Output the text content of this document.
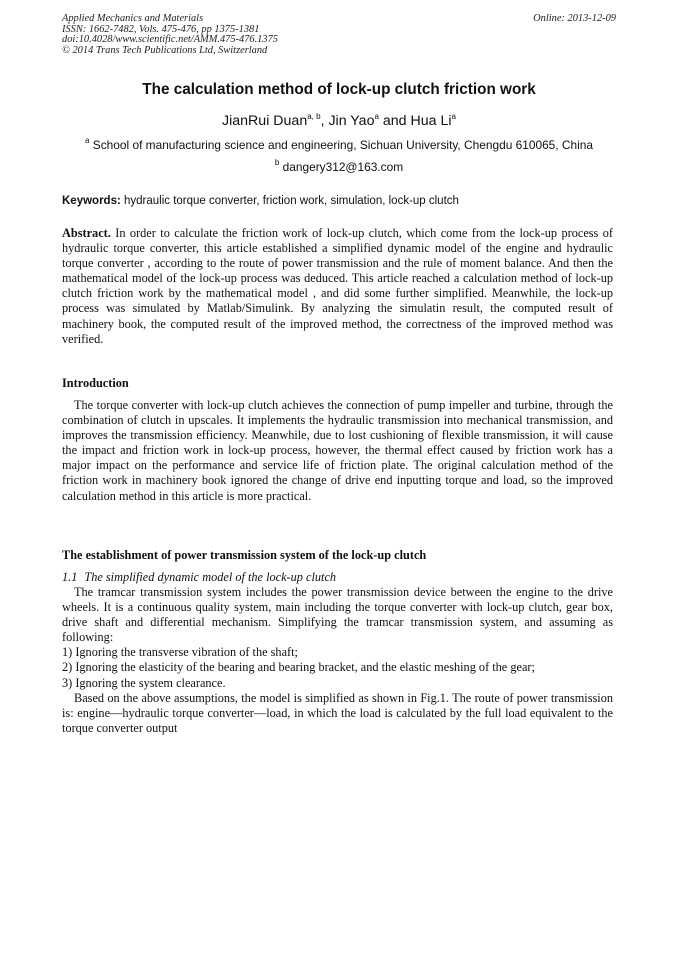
Applied Mechanics and Materials
ISSN: 1662-7482, Vols. 475-476, pp 1375-1381
doi:10.4028/www.scientific.net/AMM.475-476.1375
© 2014 Trans Tech Publications Ltd, Switzerland
Online: 2013-12-09
The calculation method of lock-up clutch friction work
JianRui Duan$^{a, b}$, Jin Yao$^a$ and Hua Li$^a$
$^a$ School of manufacturing science and engineering, Sichuan University, Chengdu 610065, China
$^b$ dangery312@163.com
Keywords: hydraulic torque converter, friction work, simulation, lock-up clutch
Abstract. In order to calculate the friction work of lock-up clutch, which come from the lock-up process of hydraulic torque converter, this article established a simplified dynamic model of the engine and hydraulic torque converter , according to the route of power transmission and the rule of moment balance. And then the mathematical model of the lock-up process was deduced. This article reached a calculation method of lock-up clutch friction work by the mathematical model , and did some further simplified. Meanwhile, the lock-up process was simulated by Matlab/Simulink. By analyzing the simulatin result, the computed result of machinery book, the computed result of the improved method, the correctness of the improved method was verified.
Introduction
The torque converter with lock-up clutch achieves the connection of pump impeller and turbine, through the combination of clutch in upscales. It implements the hydraulic transmission into mechanical transmission, and improves the transmission efficiency. Meanwhile, due to lost cushioning of flexible transmission, it will cause the impact and friction work in lock-up process, however, the thermal effect caused by friction work has a major impact on the performance and service life of friction plate. The original calculation method of the friction work in machinery book ignored the change of drive end inputting torque and load, so the improved calculation method in this article is more practical.
The establishment of power transmission system of the lock-up clutch
1.1 The simplified dynamic model of the lock-up clutch
The tramcar transmission system includes the power transmission device between the engine to the drive wheels. It is a continuous quality system, main including the torque converter with lock-up clutch, gear box, drive shaft and differential mechanism. Simplifying the tramcar transmission system, and assuming as following:
1) Ignoring the transverse vibration of the shaft;
2) Ignoring the elasticity of the bearing and bearing bracket, and the elastic meshing of the gear;
3) Ignoring the system clearance.
Based on the above assumptions, the model is simplified as shown in Fig.1. The route of power transmission is: engine—hydraulic torque converter—load, in which the load is calculated by the full load equivalent to the torque converter output
